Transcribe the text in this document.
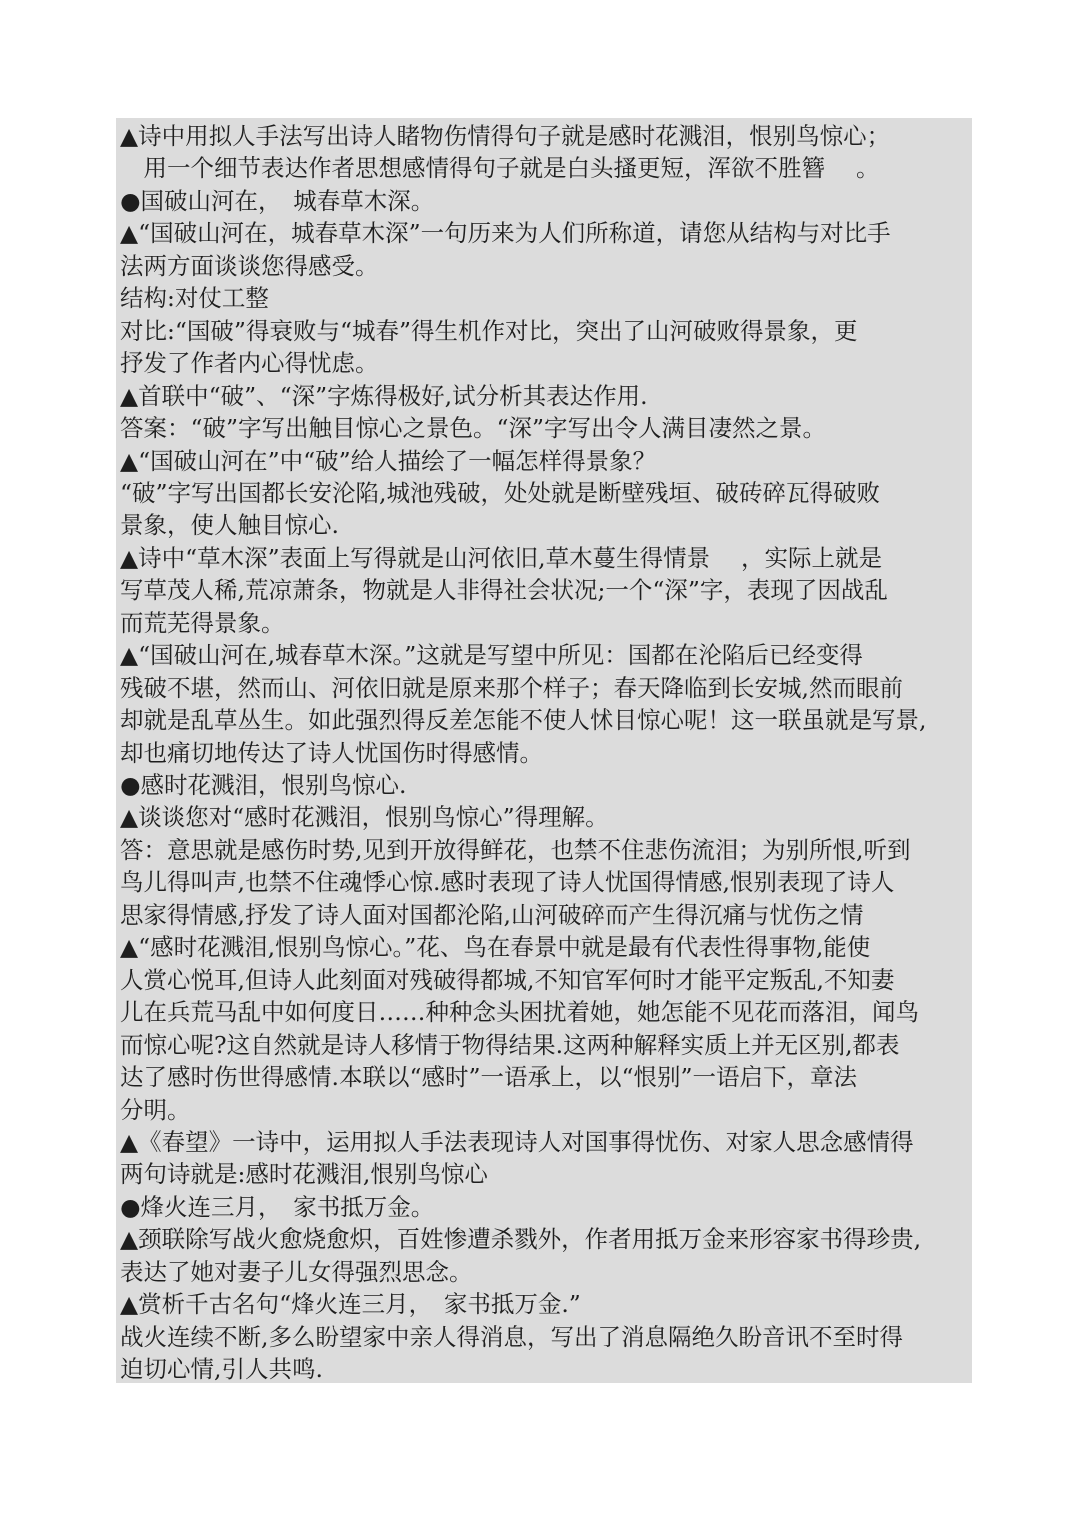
▲诗中用拟人手法写出诗人睹物伤情得句子就是感时花溅泪，恨别鸟惊心；
　用一个细节表达作者思想感情得句子就是白头搔更短，浑欲不胜簪　 。
●国破山河在，　城春草木深。
▲“国破山河在，城春草木深”一句历来为人们所称道，请您从结构与对比手
法两方面谈谈您得感受。
结构:对仗工整
对比:“国破”得衰败与“城春”得生机作对比，突出了山河破败得景象，更
抒发了作者内心得忧虑。
▲首联中“破”、“深”字炼得极好,试分析其表达作用.
答案：“破”字写出触目惊心之景色。“深”字写出令人满目凄然之景。
▲“国破山河在”中“破”给人描绘了一幅怎样得景象？
“破”字写出国都长安沦陷,城池残破，处处就是断壁残垣、破砖碎瓦得破败
景象，使人触目惊心.
▲诗中“草木深”表面上写得就是山河依旧,草木蔓生得情景　 ，实际上就是
写草茂人稀,荒凉萧条，物就是人非得社会状况;一个“深”字，表现了因战乱
而荒芜得景象。
▲“国破山河在,城春草木深。”这就是写望中所见：国都在沦陷后已经变得
残破不堪，然而山、河依旧就是原来那个样子；春天降临到长安城,然而眼前
却就是乱草丛生。如此强烈得反差怎能不使人怵目惊心呢！这一联虽就是写景,
却也痛切地传达了诗人忧国伤时得感情。
●感时花溅泪，恨别鸟惊心.
▲谈谈您对“感时花溅泪，恨别鸟惊心”得理解。
答：意思就是感伤时势,见到开放得鲜花，也禁不住悲伤流泪；为别所恨,听到
鸟儿得叫声,也禁不住魂悸心惊.感时表现了诗人忧国得情感,恨别表现了诗人
思家得情感,抒发了诗人面对国都沦陷,山河破碎而产生得沉痛与忧伤之情
▲“感时花溅泪,恨别鸟惊心。”花、鸟在春景中就是最有代表性得事物,能使
人赏心悦耳,但诗人此刻面对残破得都城,不知官军何时才能平定叛乱,不知妻
儿在兵荒马乱中如何度日……种种念头困扰着她，她怎能不见花而落泪，闻鸟
而惊心呢?这自然就是诗人移情于物得结果.这两种解释实质上并无区别,都表
达了感时伤世得感情.本联以“感时”一语承上，以“恨别”一语启下，章法
分明。
▲《春望》一诗中，运用拟人手法表现诗人对国事得忧伤、对家人思念感情得
两句诗就是:感时花溅泪,恨别鸟惊心
●烽火连三月，　家书抵万金。
▲颈联除写战火愈烧愈炽，百姓惨遭杀戮外，作者用抵万金来形容家书得珍贵,
表达了她对妻子儿女得强烈思念。
▲赏析千古名句“烽火连三月，　家书抵万金.”
战火连续不断,多么盼望家中亲人得消息，写出了消息隔绝久盼音讯不至时得
迫切心情,引人共鸣.
